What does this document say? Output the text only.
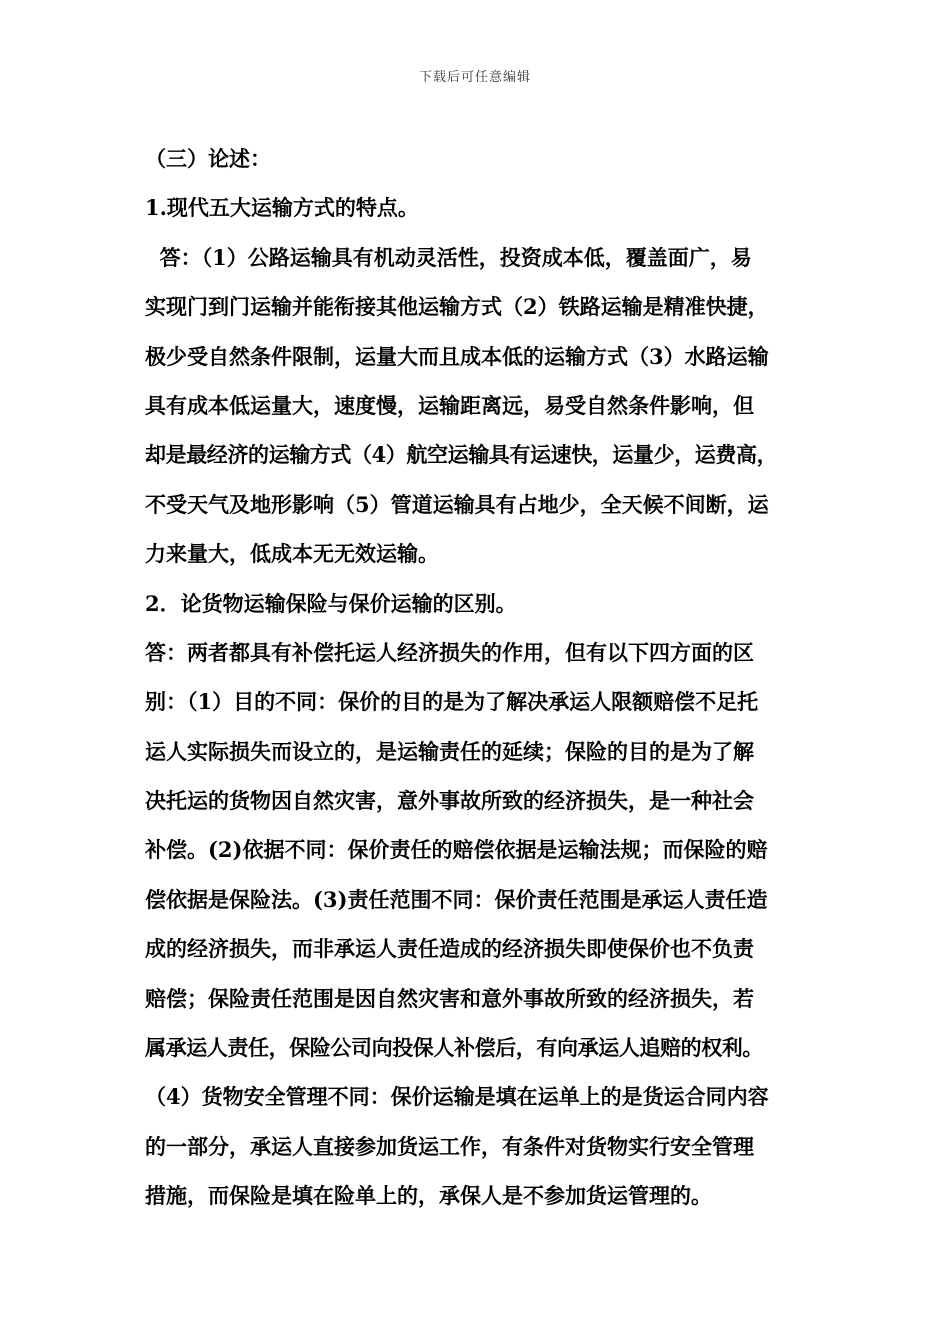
下载后可任意编辑
（三）论述：
1.现代五大运输方式的特点。
答：（1）公路运输具有机动灵活性，投资成本低，覆盖面广，易
实现门到门运输并能衔接其他运输方式（2）铁路运输是精准快捷，
极少受自然条件限制，运量大而且成本低的运输方式（3）水路运输
具有成本低运量大，速度慢，运输距离远，易受自然条件影响，但
却是最经济的运输方式（4）航空运输具有运速快，运量少，运费高，
不受天气及地形影响（5）管道运输具有占地少，全天候不间断，运
力来量大，低成本无无效运输。
2．论货物运输保险与保价运输的区别。
答：两者都具有补偿托运人经济损失的作用，但有以下四方面的区
别：（1）目的不同：保价的目的是为了解决承运人限额赔偿不足托
运人实际损失而设立的，是运输责任的延续；保险的目的是为了解
决托运的货物因自然灾害，意外事故所致的经济损失，是一种社会
补偿。(2)依据不同：保价责任的赔偿依据是运输法规；而保险的赔
偿依据是保险法。(3)责任范围不同：保价责任范围是承运人责任造
成的经济损失，而非承运人责任造成的经济损失即使保价也不负责
赔偿；保险责任范围是因自然灾害和意外事故所致的经济损失，若
属承运人责任，保险公司向投保人补偿后，有向承运人追赔的权利。
（4）货物安全管理不同：保价运输是填在运单上的是货运合同内容
的一部分，承运人直接参加货运工作，有条件对货物实行安全管理
措施，而保险是填在险单上的，承保人是不参加货运管理的。
